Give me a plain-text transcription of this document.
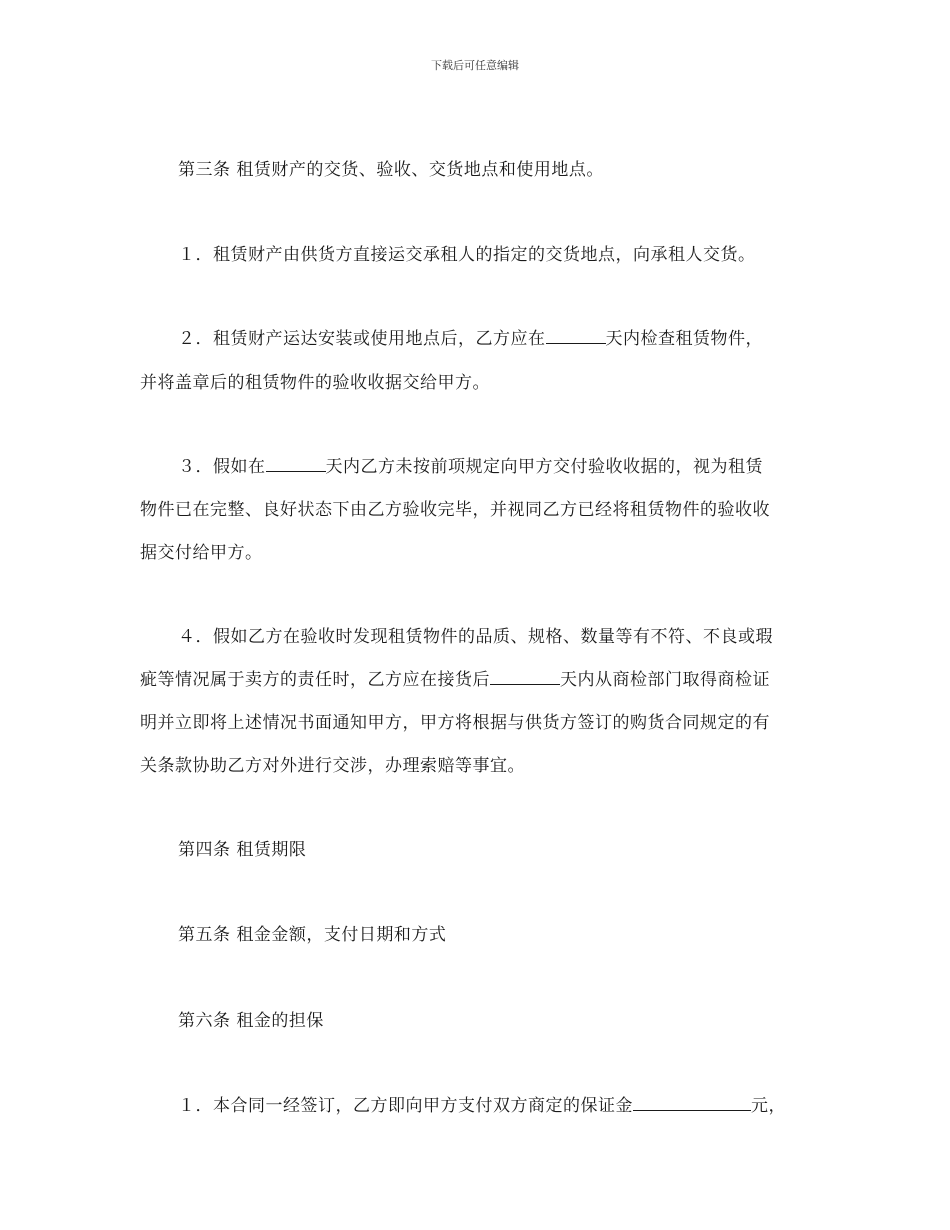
下载后可任意编辑
第三条 租赁财产的交货、验收、交货地点和使用地点。
１．租赁财产由供货方直接运交承租人的指定的交货地点，向承租人交货。
２．租赁财产运达安装或使用地点后，乙方应在	天内检查租赁物件，
并将盖章后的租赁物件的验收收据交给甲方。
３．假如在	天内乙方未按前项规定向甲方交付验收收据的，视为租赁
物件已在完整、良好状态下由乙方验收完毕，并视同乙方已经将租赁物件的验收收
据交付给甲方。
４．假如乙方在验收时发现租赁物件的品质、规格、数量等有不符、不良或瑕
疵等情况属于卖方的责任时，乙方应在接货后	天内从商检部门取得商检证
明并立即将上述情况书面通知甲方，甲方将根据与供货方签订的购货合同规定的有
关条款协助乙方对外进行交涉，办理索赔等事宜。
第四条 租赁期限
第五条 租金金额，支付日期和方式
第六条 租金的担保
１．本合同一经签订，乙方即向甲方支付双方商定的保证金	元，
